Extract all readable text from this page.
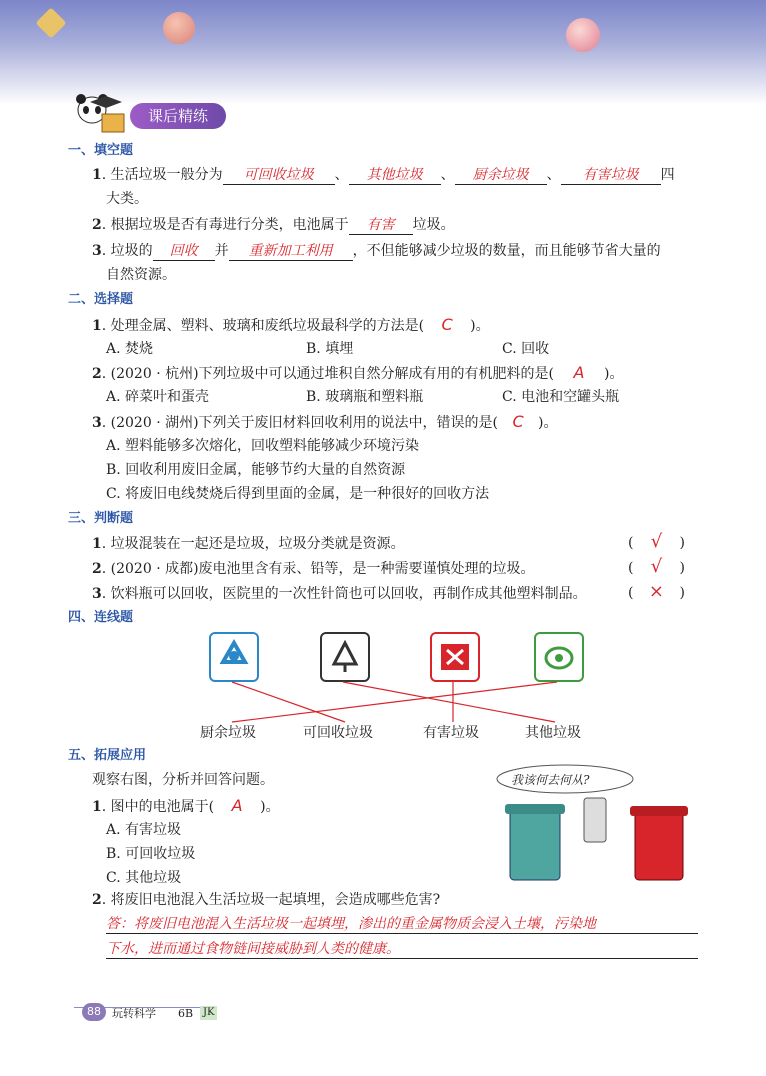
课后精练
一、填空题
1. 生活垃圾一般分为 可回收垃圾 、 其他垃圾 、 厨余垃圾 、 有害垃圾 四
大类。
2. 根据垃圾是否有毒进行分类，电池属于 有害 垃圾。
3. 垃圾的 回收 并 重新加工利用 ，不但能够减少垃圾的数量，而且能够节省大量的
自然资源。
二、选择题
1. 处理金属、塑料、玻璃和废纸垃圾最科学的方法是( C )。
A. 焚烧	B. 填埋	C. 回收
2. (2020 · 杭州)下列垃圾中可以通过堆积自然分解成有用的有机肥料的是( A )。
A. 碎菜叶和蛋壳	B. 玻璃瓶和塑料瓶	C. 电池和空罐头瓶
3. (2020 · 湖州)下列关于废旧材料回收利用的说法中，错误的是( C )。
A. 塑料能够多次熔化，回收塑料能够减少环境污染
B. 回收利用废旧金属，能够节约大量的自然资源
C. 将废旧电线焚烧后得到里面的金属，是一种很好的回收方法
三、判断题
1. 垃圾混装在一起还是垃圾，垃圾分类就是资源。	( √ )
2. (2020 · 成都)废电池里含有汞、铅等，是一种需要谨慎处理的垃圾。	( √ )
3. 饮料瓶可以回收，医院里的一次性针筒也可以回收，再制作成其他塑料制品。	( × )
四、连线题
厨余垃圾	可回收垃圾	有害垃圾	其他垃圾
五、拓展应用
观察右图，分析并回答问题。
1. 图中的电池属于( A )。
A. 有害垃圾
B. 可回收垃圾
C. 其他垃圾
我该何去何从?
2. 将废旧电池混入生活垃圾一起填埋，会造成哪些危害?
答：将废旧电池混入生活垃圾一起填埋，渗出的重金属物质会浸入土壤，污染地
下水，进而通过食物链间接威胁到人类的健康。
88	玩转科学 6B JK
